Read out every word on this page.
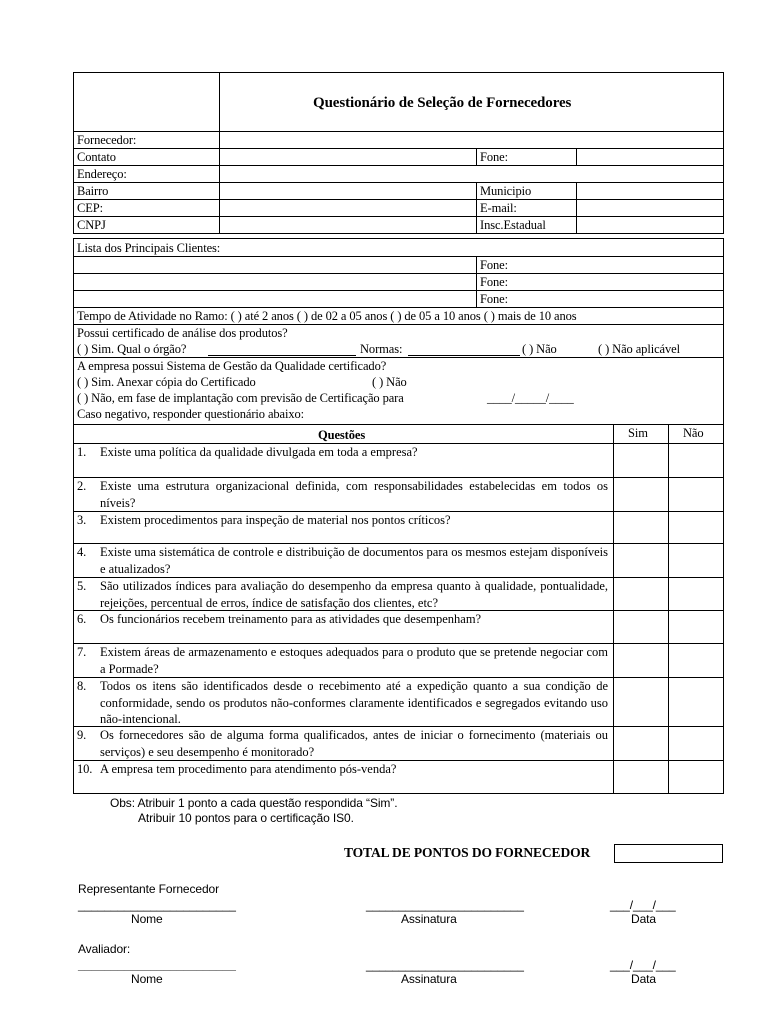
Questionário de Seleção de Fornecedores
Fornecedor:
Contato	Fone:
Endereço:
Bairro	Municipio
CEP:	E-mail:
CNPJ	Insc.Estadual
Lista dos Principais Clientes:
Fone:
Fone:
Fone:
Tempo de Atividade no Ramo: ( ) até 2 anos ( ) de 02 a 05 anos ( ) de 05 a 10 anos ( ) mais de 10 anos
Possui certificado de análise dos produtos?
( ) Sim. Qual o órgão?	Normas:	( ) Não	( ) Não aplicável
A empresa possui Sistema de Gestão da Qualidade certificado?
( ) Sim. Anexar cópia do Certificado	( ) Não
( ) Não, em fase de implantação com previsão de Certificação para	____/_____/____
Caso negativo, responder questionário abaixo:
Questões	Sim	Não
1. Existe uma política da qualidade divulgada em toda a empresa?
2. Existe uma estrutura organizacional definida, com responsabilidades estabelecidas em todos os níveis?
3. Existem procedimentos para inspeção de material nos pontos críticos?
4. Existe uma sistemática de controle e distribuição de documentos para os mesmos estejam disponíveis e atualizados?
5. São utilizados índices para avaliação do desempenho da empresa quanto à qualidade, pontualidade, rejeições, percentual de erros, índice de satisfação dos clientes, etc?
6. Os funcionários recebem treinamento para as atividades que desempenham?
7. Existem áreas de armazenamento e estoques adequados para o produto que se pretende negociar com a Pormade?
8. Todos os itens são identificados desde o recebimento até a expedição quanto a sua condição de conformidade, sendo os produtos não-conformes claramente identificados e segregados evitando uso não-intencional.
9. Os fornecedores são de alguma forma qualificados, antes de iniciar o fornecimento (materiais ou serviços) e seu desempenho é monitorado?
10. A empresa tem procedimento para atendimento pós-venda?
Obs: Atribuir 1 ponto a cada questão respondida “Sim”.
Atribuir 10 pontos para o certificação IS0.
TOTAL DE PONTOS DO FORNECEDOR
Representante Fornecedor
________________________	________________________	___/___/___
Nome	Assinatura	Data
Avaliador:
________________________	________________________	___/___/___
Nome	Assinatura	Data
